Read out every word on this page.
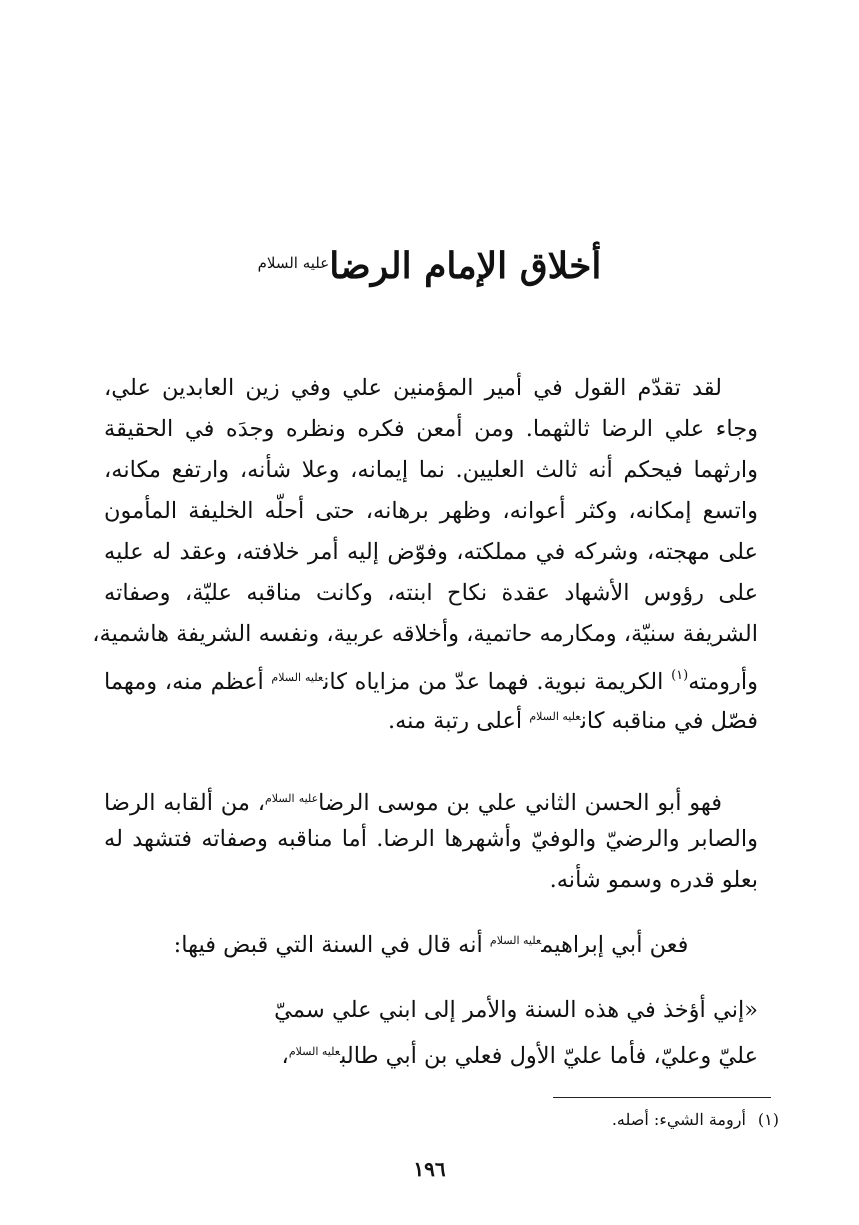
أخلاق الإمام الرضا$^{عليه السلام}$
لقد تقدّم القول في أمير المؤمنين علي وفي زين العابدين علي،
وجاء علي الرضا ثالثهما. ومن أمعن فكره ونظره وجدَه في الحقيقة
وارثهما فيحكم أنه ثالث العليين. نما إيمانه، وعلا شأنه، وارتفع مكانه،
واتسع إمكانه، وكثر أعوانه، وظهر برهانه، حتى أحلّه الخليفة المأمون
على مهجته، وشركه في مملكته، وفوّض إليه أمر خلافته، وعقد له عليه
على رؤوس الأشهاد عقدة نكاح ابنته، وكانت مناقبه عليّة، وصفاته
الشريفة سنيّة، ومكارمه حاتمية، وأخلاقه عربية، ونفسه الشريفة هاشمية،
وأرومته$^{(١)}$ الكريمة نبوية. فهما عدّ من مزاياه كان$^{عليه السلام}$ أعظم منه، ومهما
فصّل في مناقبه كان$^{عليه السلام}$ أعلى رتبة منه.
فهو أبو الحسن الثاني علي بن موسى الرضا$^{عليه السلام}$، من ألقابه الرضا
والصابر والرضيّ والوفيّ وأشهرها الرضا. أما مناقبه وصفاته فتشهد له
بعلو قدره وسمو شأنه.
فعن أبي إبراهيم$^{عليه السلام}$ أنه قال في السنة التي قبض فيها:
«إني أؤخذ في هذه السنة والأمر إلى ابني علي سميّ
عليّ وعليّ، فأما عليّ الأول فعلي بن أبي طالب$^{عليه السلام}$،

(١)أرومة الشيء: أصله.

١٩٦
